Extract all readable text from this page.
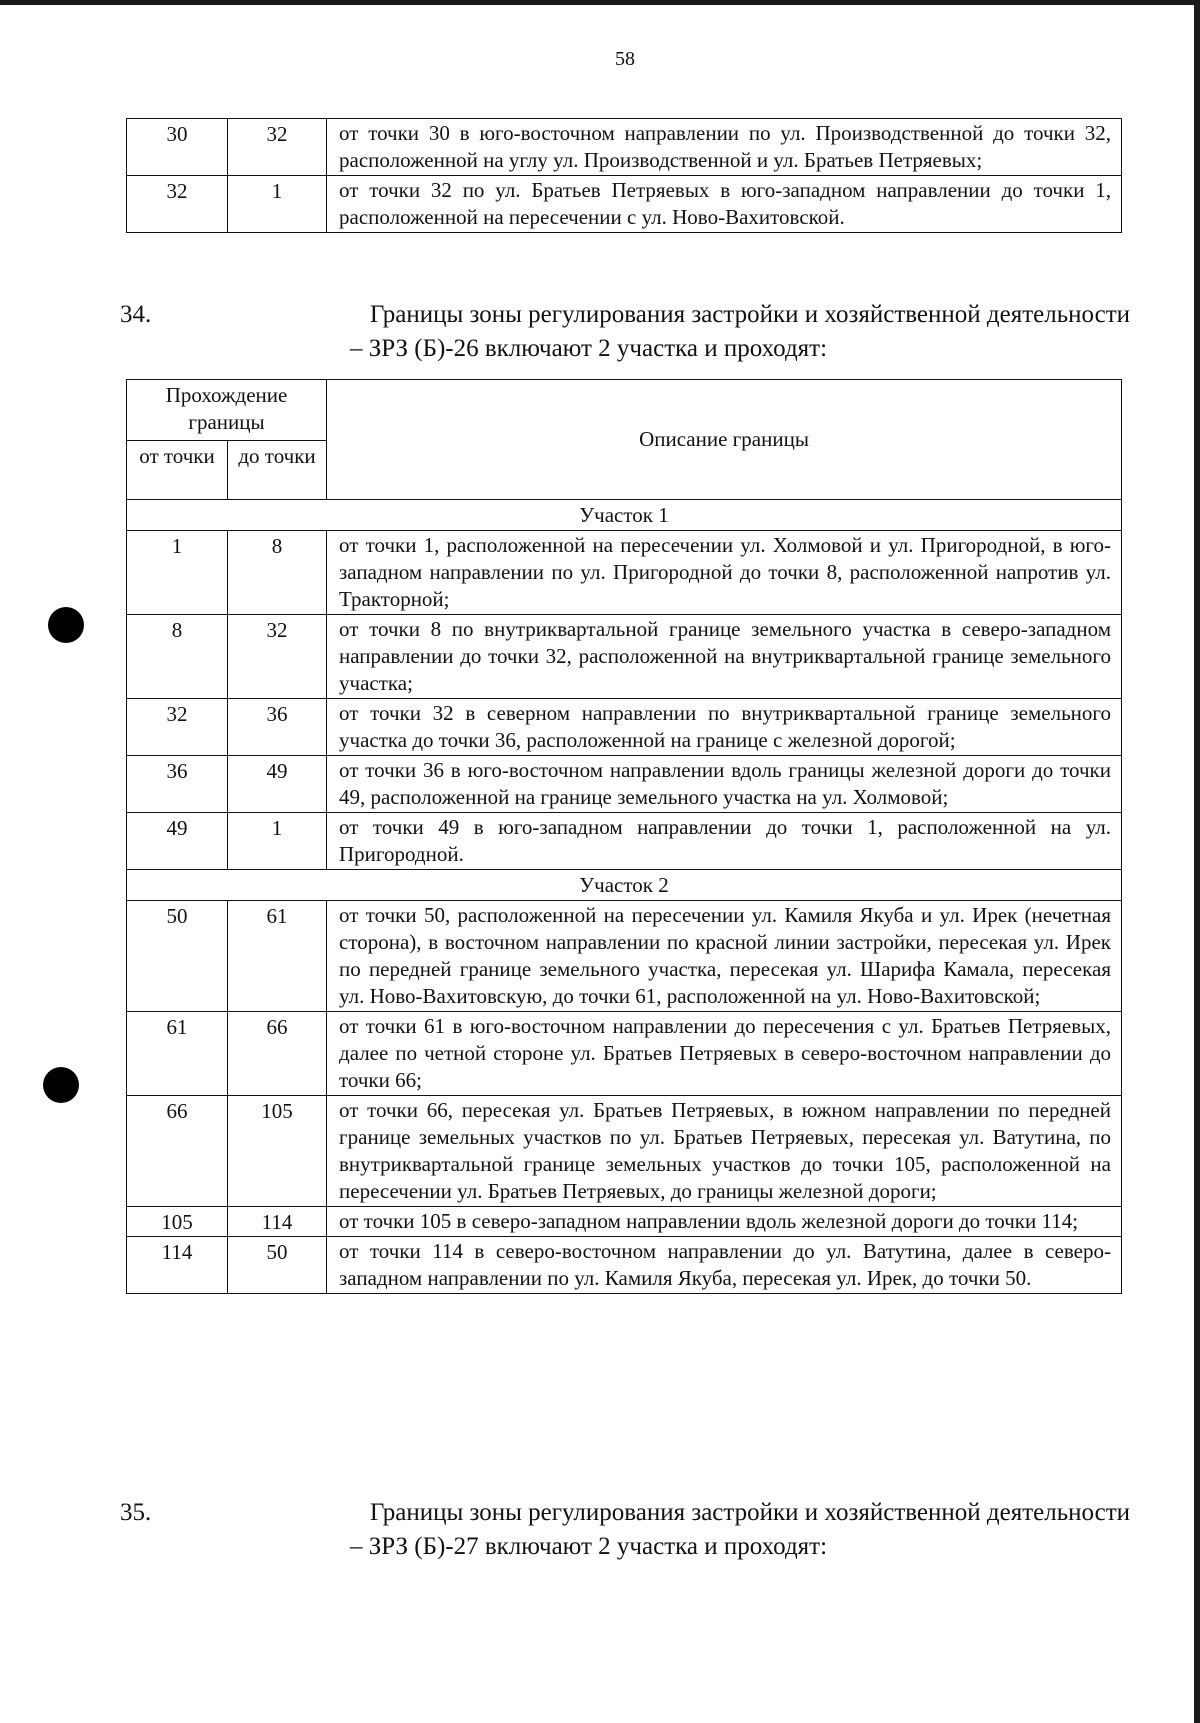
58
30	32	от точки 30 в юго-восточном направлении по ул. Производственной до точки 32, расположенной на углу ул. Производственной и ул. Братьев Петряевых;
32	1	от точки 32 по ул. Братьев Петряевых в юго-западном направлении до точки 1, расположенной на пересечении с ул. Ново-Вахитовской.
34.	Границы зоны регулирования застройки и хозяйственной деятельности
– ЗРЗ (Б)-26 включают 2 участка и проходят:
Прохождение границы		Описание границы
от точки	до точки	
Участок 1		
1	8	от точки 1, расположенной на пересечении ул. Холмовой и ул. Пригородной, в юго-западном направлении по ул. Пригородной до точки 8, расположенной напротив ул. Тракторной;
8	32	от точки 8 по внутриквартальной границе земельного участка в северо-западном направлении до точки 32, расположенной на внутриквартальной границе земельного участка;
32	36	от точки 32 в северном направлении по внутриквартальной границе земельного участка до точки 36, расположенной на границе с железной дорогой;
36	49	от точки 36 в юго-восточном направлении вдоль границы железной дороги до точки 49, расположенной на границе земельного участка на ул. Холмовой;
49	1	от точки 49 в юго-западном направлении до точки 1, расположенной на ул. Пригородной.
Участок 2		
50	61	от точки 50, расположенной на пересечении ул. Камиля Якуба и ул. Ирек (нечетная сторона), в восточном направлении по красной линии застройки, пересекая ул. Ирек по передней границе земельного участка, пересекая ул. Шарифа Камала, пересекая ул. Ново-Вахитовскую, до точки 61, расположенной на ул. Ново-Вахитовской;
61	66	от точки 61 в юго-восточном направлении до пересечения с ул. Братьев Петряевых, далее по четной стороне ул. Братьев Петряевых в северо-восточном направлении до точки 66;
66	105	от точки 66, пересекая ул. Братьев Петряевых, в южном направлении по передней границе земельных участков по ул. Братьев Петряевых, пересекая ул. Ватутина, по внутриквартальной границе земельных участков до точки 105, расположенной на пересечении ул. Братьев Петряевых, до границы железной дороги;
105	114	от точки 105 в северо-западном направлении вдоль железной дороги до точки 114;
114	50	от точки 114 в северо-восточном направлении до ул. Ватутина, далее в северо-западном направлении по ул. Камиля Якуба, пересекая ул. Ирек, до точки 50.
35.	Границы зоны регулирования застройки и хозяйственной деятельности
– ЗРЗ (Б)-27 включают 2 участка и проходят:
